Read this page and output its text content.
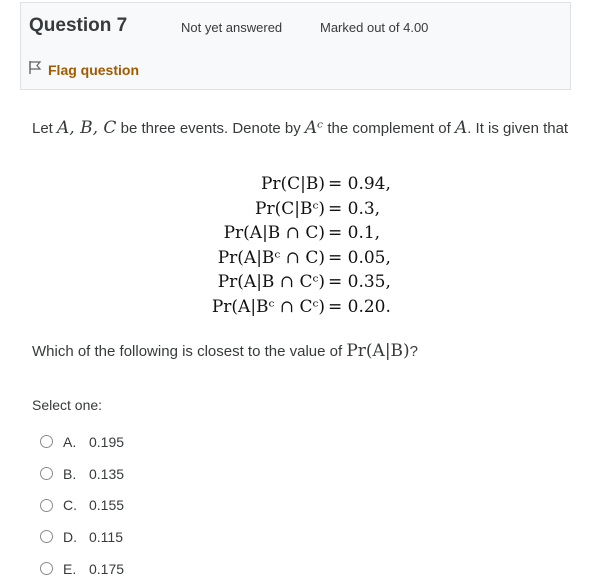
Question 7	Not yet answered	Marked out of 4.00
Flag question
Let A, B, C be three events. Denote by Aᶜ the complement of A. It is given that
Pr(C|B) = 0.94,
Pr(C|Bᶜ) = 0.3,
Pr(A|B ∩ C) = 0.1,
Pr(A|Bᶜ ∩ C) = 0.05,
Pr(A|B ∩ Cᶜ) = 0.35,
Pr(A|Bᶜ ∩ Cᶜ) = 0.20.
Which of the following is closest to the value of Pr(A|B)?
Select one:
A. 0.195
B. 0.135
C. 0.155
D. 0.115
E. 0.175
